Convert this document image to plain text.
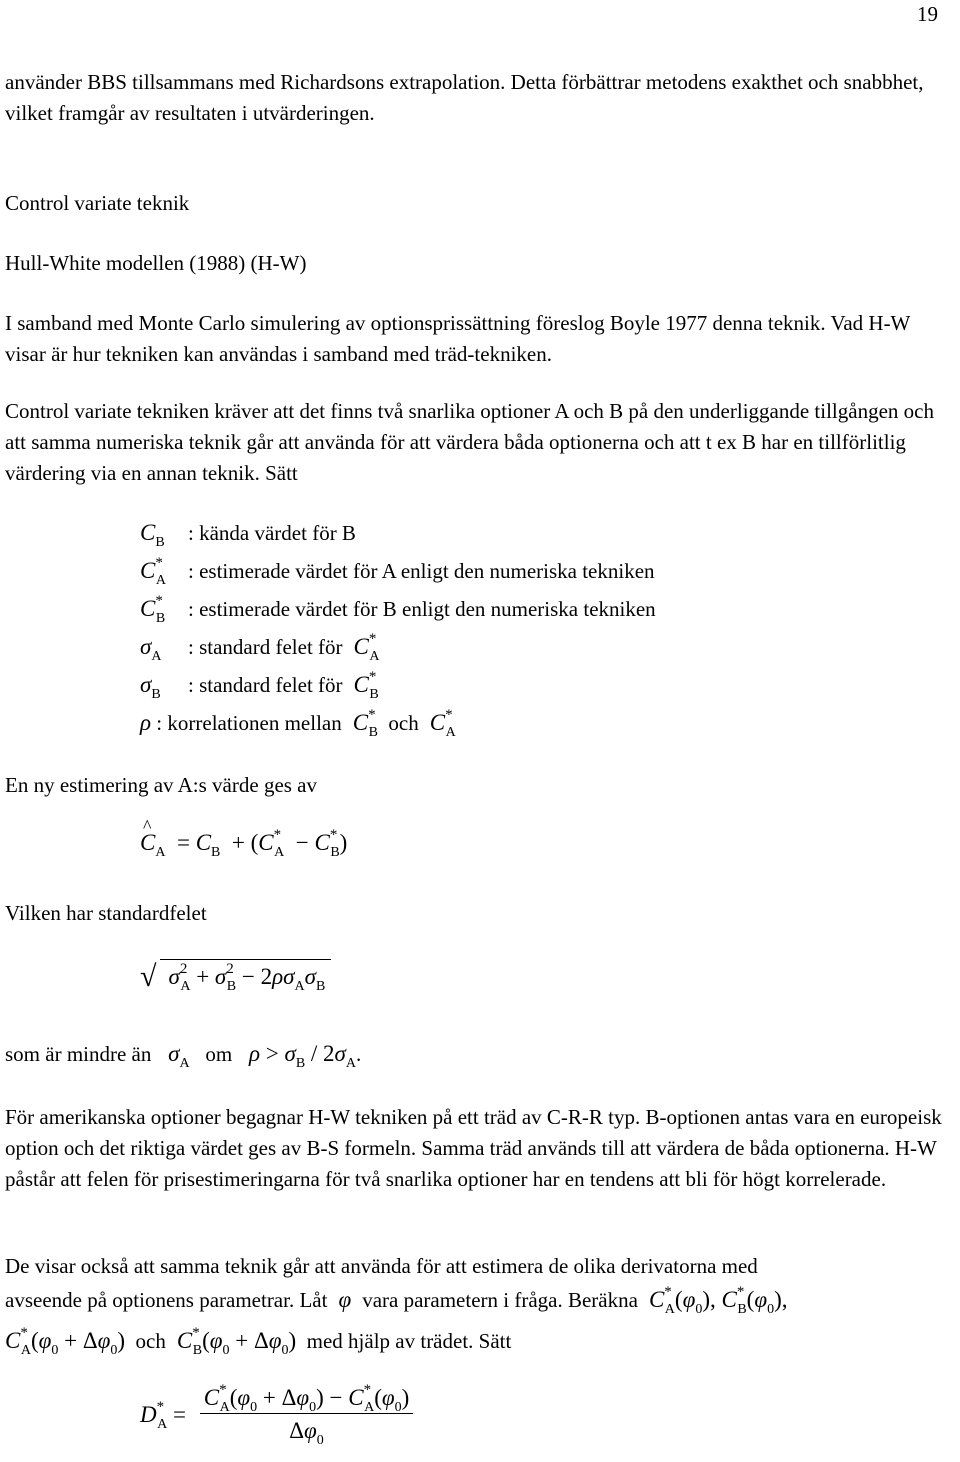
19

använder BBS tillsammans med Richardsons extrapolation. Detta förbättrar metodens exakthet och snabbhet, vilket framgår av resultaten i utvärderingen.

Control variate teknik

Hull-White modellen (1988) (H-W)

I samband med Monte Carlo simulering av optionsprissättning föreslog Boyle 1977 denna teknik. Vad H-W visar är hur tekniken kan användas i samband med träd-tekniken.

Control variate tekniken kräver att det finns två snarlika optioner A och B på den underliggande tillgången och att samma numeriska teknik går att använda för att värdera båda optionerna och att t ex B har en tillförlitlig värdering via en annan teknik. Sätt

$C_B$ : kända värdet för B
$C^*_A$ : estimerade värdet för A enligt den numeriska tekniken
$C^*_B$ : estimerade värdet för B enligt den numeriska tekniken
$\sigma_A$ : standard felet för  $C^*_A$
$\sigma_B$ : standard felet för  $C^*_B$
ρ : korrelationen mellan  $C^*_B$ och  $C^*_A$

En ny estimering av A:s värde ges av

^ $C_A = C_B + (C^*_A - C^*_B)$

Vilken har standardfelet

√ $\sigma^2_A + \sigma^2_B - 2\rho\sigma_A\sigma_B$

som är mindre än   $\sigma_A$ om   $\rho > \sigma_B / 2\sigma_A$.

För amerikanska optioner begagnar H-W tekniken på ett träd av C-R-R typ. B-optionen antas vara en europeisk option och det riktiga värdet ges av B-S formeln. Samma träd används till att värdera de båda optionerna. H-W påstår att felen för prisestimeringarna för två snarlika optioner har en tendens att bli för högt korrelerade.

De visar också att samma teknik går att använda för att estimera de olika derivatorna med

avseende på optionens parametrar. Låt  φ  vara parametern i fråga. Beräkna  $C^*_A(\varphi_0)$, $C^*_B(\varphi_0)$,

$C^*_A(\varphi_0 + \Delta\varphi_0)$ och  $C^*_B(\varphi_0 + \Delta\varphi_0)$ med hjälp av trädet. Sätt

$D^*_A = \frac{C^*_A(\varphi_0 + \Delta\varphi_0) - C^*_A(\varphi_0)}{\Delta\varphi_0}$
